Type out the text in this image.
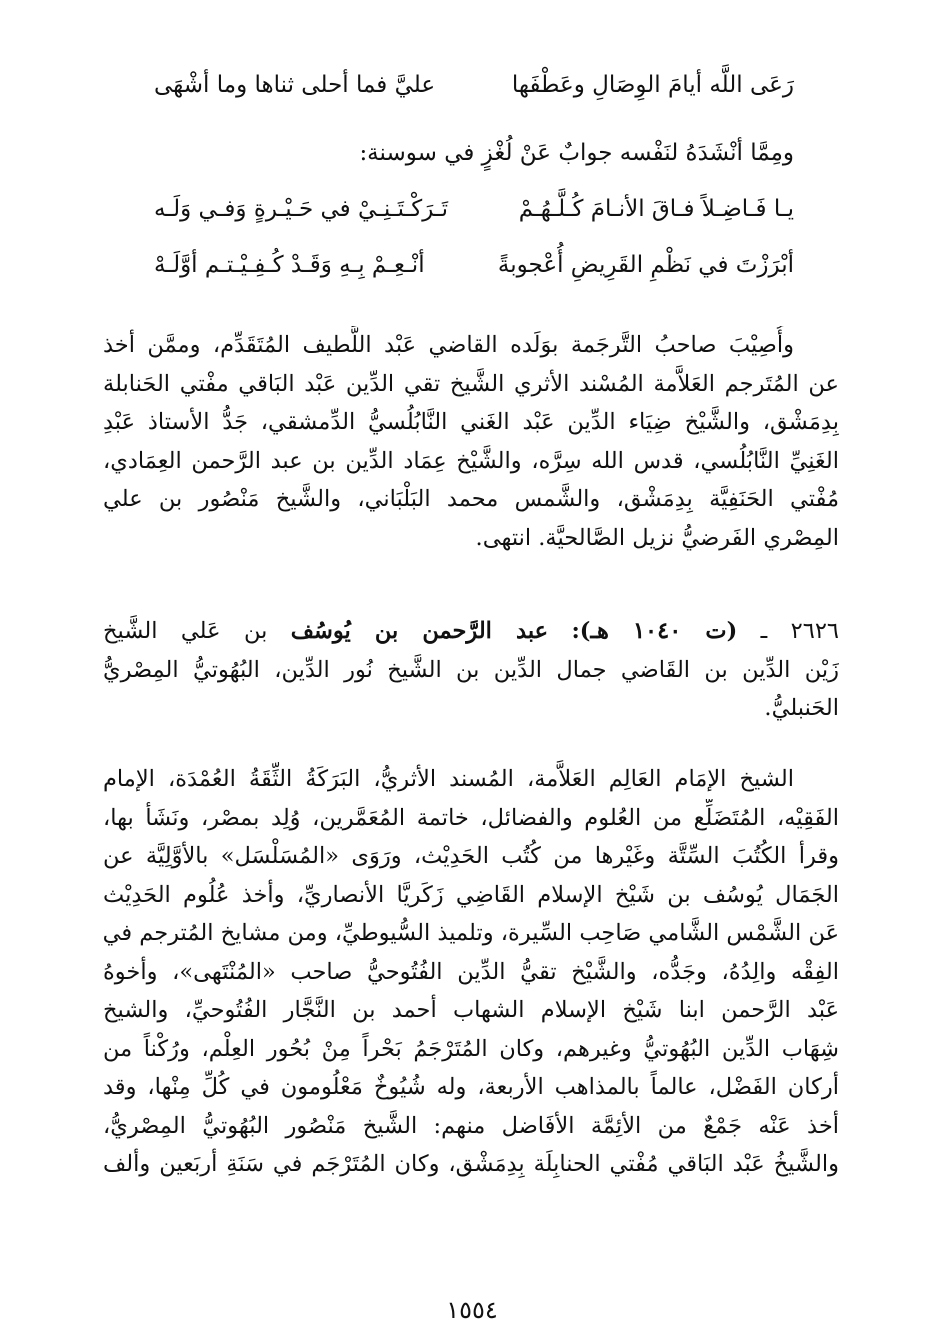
رَعَى اللَّه أيامَ الوِصَالِ وعَطْفَها
عليَّ فما أحلى ثناها وما أشْهَى
ومِمَّا أنْشَدَهُ لنَفْسه جوابٌ عَنْ لُغْزٍ في سوسنة:
يـا فَـاضِـلاً فـاقَ الأنـامَ كُـلَّـهُـمْ
تَـرَكْـتَـنِـيْ في حَـيْـرةٍ وَفـي وَلَـه
أبْرَزْتَ في نَظْمِ القَرِيضِ أُعْجوبةً
أنْـعِـمْ بِـهِ وَقَـدْ كُـفِـيْـتـم أوَّلَـهْ
وأُصِيْبَ صاحبُ التَّرجَمة بوَلَده القاضي عَبْد اللَّطيف المُتَقَدِّم، وممَّن أخذ
عن المُتَرجم العَلاَّمة المُسْند الأثري الشَّيخ تقي الدِّين عَبْد البَاقي مفْتي الحَنابلة
بِدِمَشْق، والشَّيْخ ضِيَاء الدِّين عَبْد الغَني النَّابُلُسيُّ الدِّمشقي، جَدُّ الأستاذ عَبْدِ
الغَنِيِّ النَّابُلُسي، قدس الله سِرَّه، والشَّيْخ عِمَاد الدِّين بن عبد الرَّحمن العِمَادي،
مُفْتي الحَنَفِيَّة بِدِمَشْق، والشَّمس محمد البَلْبَاني، والشَّيخ مَنْصُور بن علي
المِصْري الفَرضيُّ نزيل الصَّالحيَّة. انتهى.
٢٦٢٦ ـ (ت ١٠٤٠ هـ): عبد الرَّحمن بن يُوسُف بن عَلي الشَّيخ
زَيْن الدِّين بن القَاضي جمال الدِّين بن الشَّيخ نُور الدِّين، البُهُوتيُّ المِصْريُّ
الحَنبليُّ.
الشيخ الإمَام العَالِم العَلاَّمة، المُسند الأثريُّ، البَرَكَةُ الثِّقَةُ العُمْدَة، الإمام
الفَقِيْه، المُتَضَلِّع من العُلوم والفضائل، خاتمة المُعَمَّرين، وُلِد بمصْر، ونَشَأ بها،
وقرأ الكُتُبَ السِّتَّة وغَيْرها من كُتُب الحَدِيْث، ورَوَى «المُسَلْسَل» بالأوَّلِيَّة عن
الجَمَال يُوسُف بن شَيْخ الإسلام القَاضِي زَكَريَّا الأنصاريِّ، وأخذ عُلُوم الحَدِيْث
عَن الشَّمْس الشَّامي صَاحِب السِّيرة، وتلميذ السُّيوطيِّ، ومن مشايخ المُترجم في
الفِقْه والِدُهُ، وجَدُّه، والشَّيْخ تقيُّ الدِّين الفُتُوحيُّ صاحب «المُنْتَهى»، وأخوهُ
عَبْد الرَّحمن ابنا شَيْخ الإسلام الشهاب أحمد بن النَّجَّار الفُتُوحيِّ، والشيخ
شِهَاب الدِّين البُهُوتيُّ وغيرهم، وكان المُتَرْجَمُ بَحْراً مِنْ بُحُور العِلْم، ورُكْناً من
أركان الفَضْل، عالماً بالمذاهب الأربعة، وله شُيُوخٌ مَعْلُومون في كُلِّ مِنْها، وقد
أخذ عَنْه جَمْعٌ من الأئِمَّة الأفَاضل منهم: الشَّيخ مَنْصُور البُهُوتيُّ المِصْريُّ،
والشَّيخُ عَبْد البَاقي مُفْتي الحنابِلَة بِدِمَشْق، وكان المُتَرْجَم في سَنَةِ أربَعين وألف
١٥٥٤
